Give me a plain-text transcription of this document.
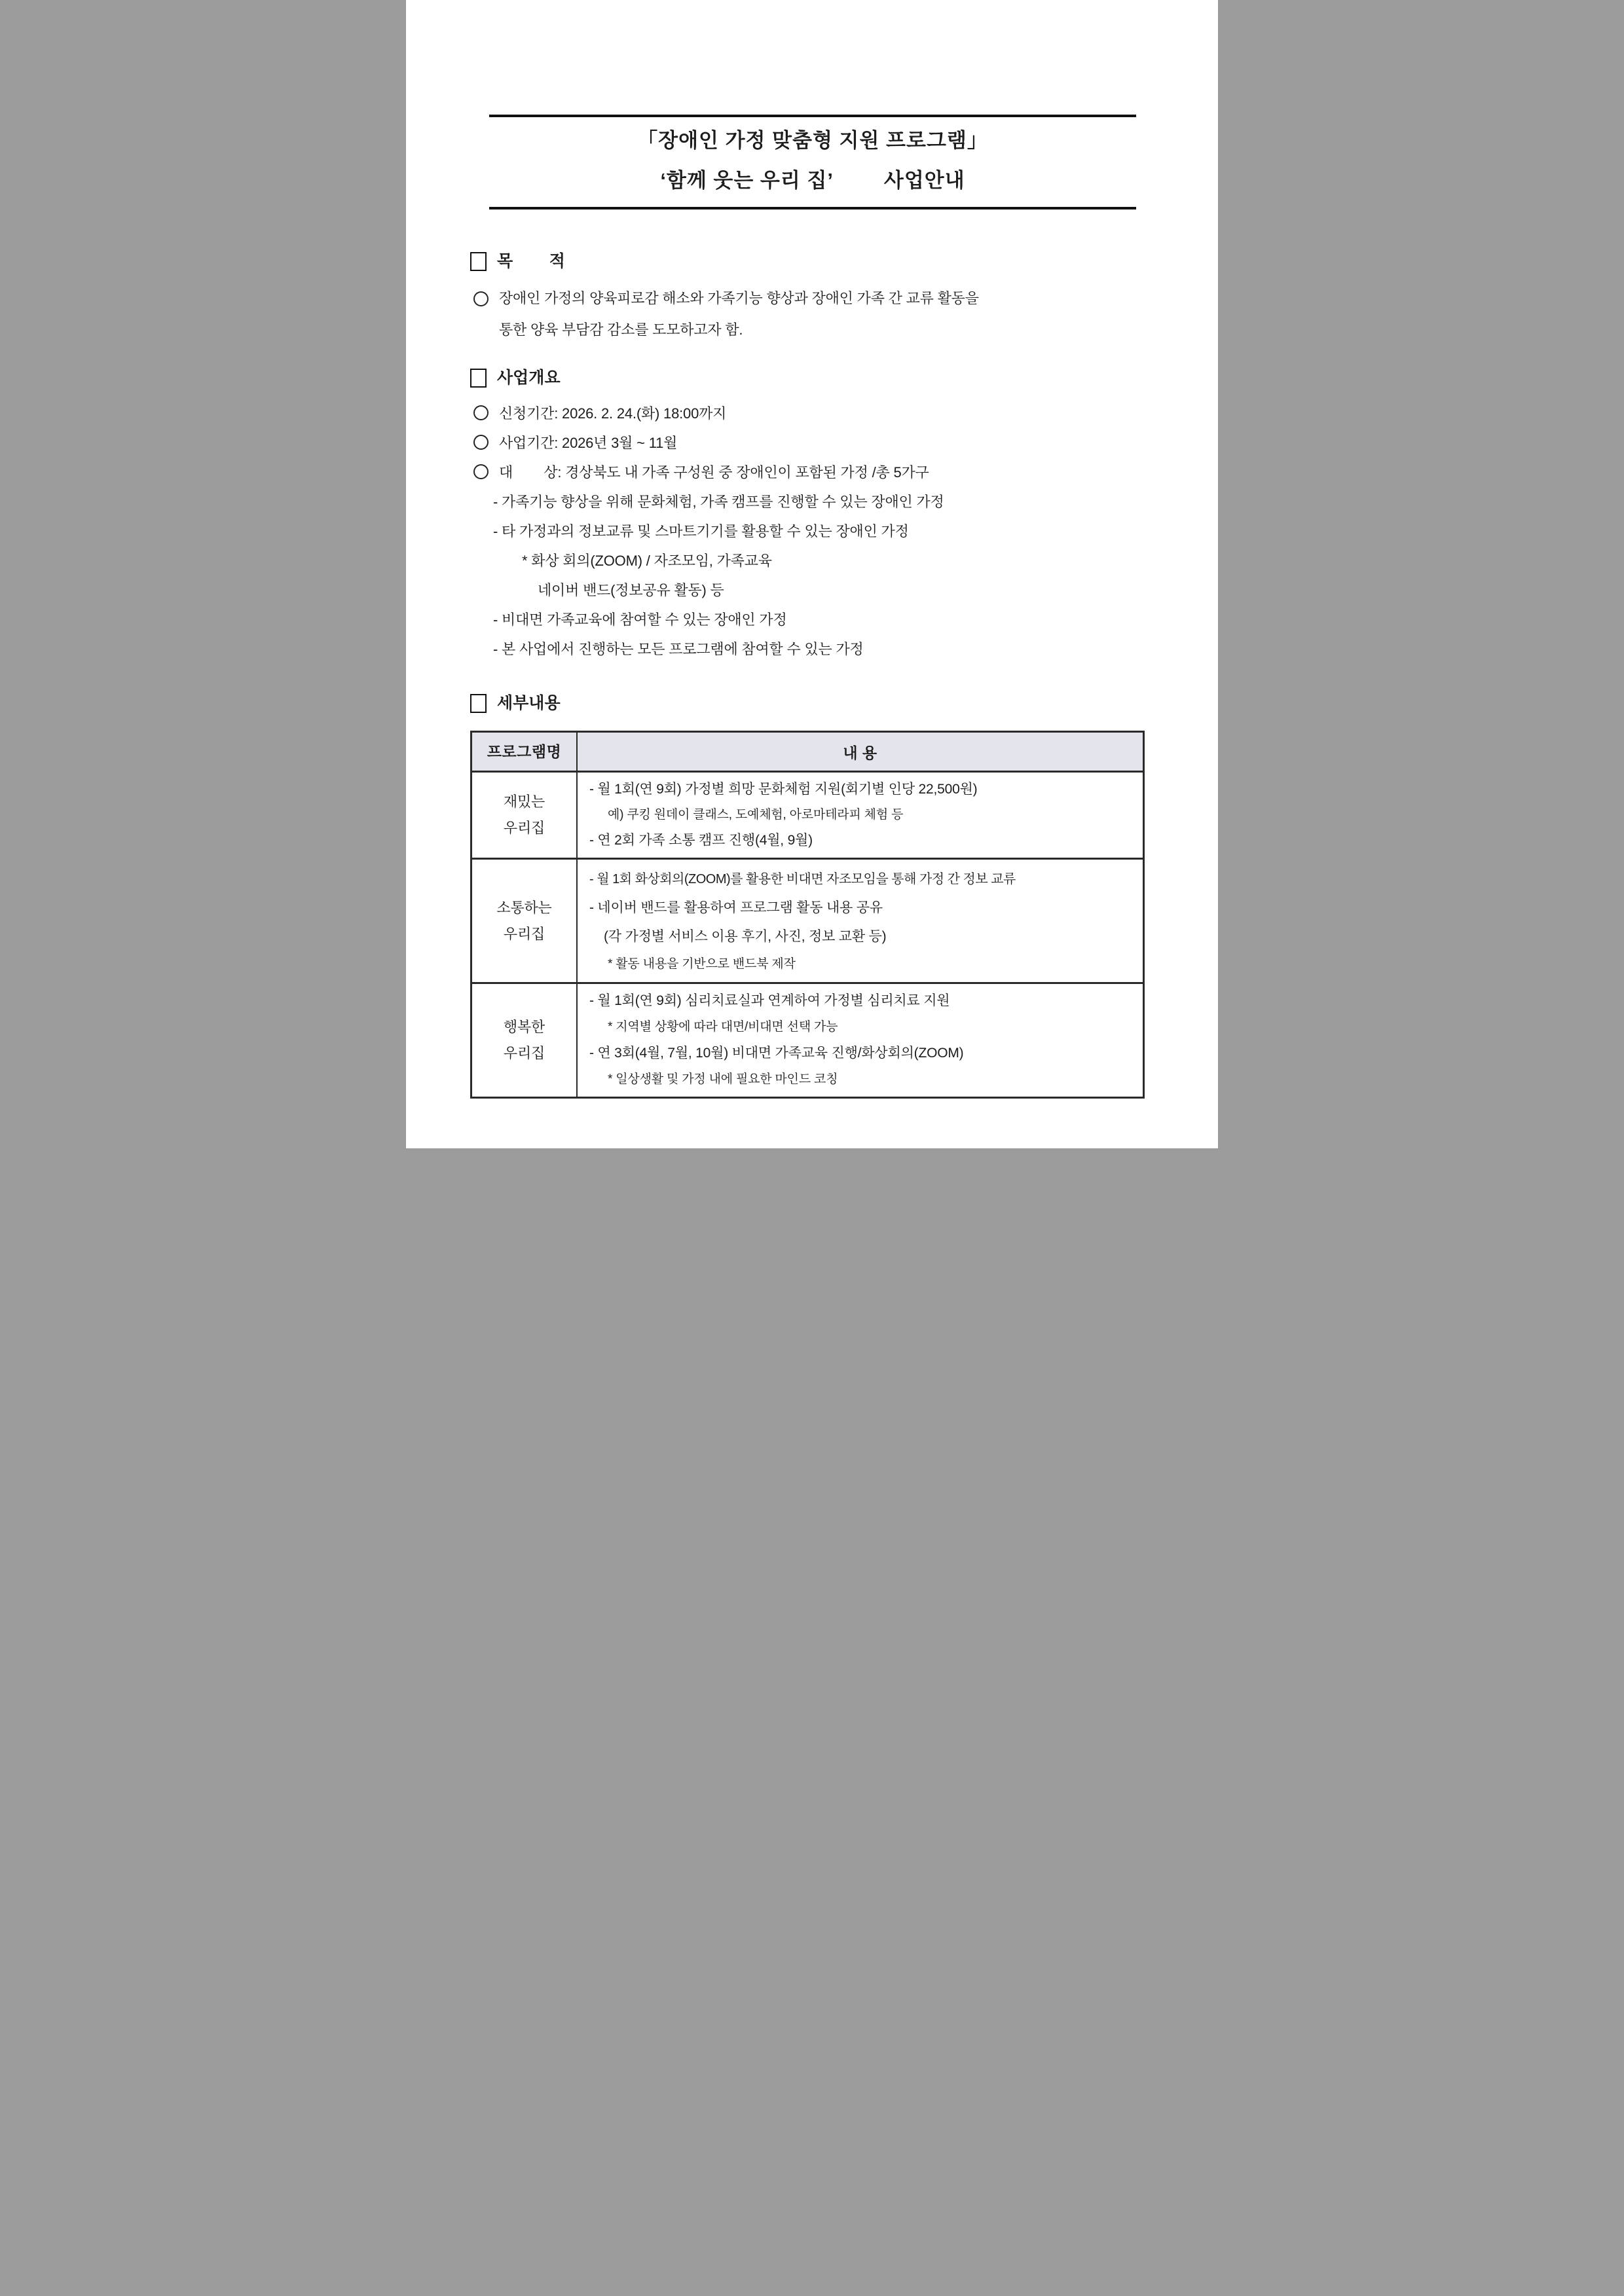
「장애인 가정 맞춤형 지원 프로그램」
‘함께 웃는 우리 집’        사업안내
목        적
장애인 가정의 양육피로감 해소와 가족기능 향상과 장애인 가족 간 교류 활동을
통한 양육 부담감 감소를 도모하고자 함.
사업개요
신청기간: 2026. 2. 24.(화) 18:00까지
사업기간: 2026년 3월 ~ 11월
대        상: 경상북도 내 가족 구성원 중 장애인이 포함된 가정 /총 5가구
- 가족기능 향상을 위해 문화체험, 가족 캠프를 진행할 수 있는 장애인 가정
- 타 가정과의 정보교류 및 스마트기기를 활용할 수 있는 장애인 가정
* 화상 회의(ZOOM) / 자조모임, 가족교육
네이버 밴드(정보공유 활동) 등
- 비대면 가족교육에 참여할 수 있는 장애인 가정
- 본 사업에서 진행하는 모든 프로그램에 참여할 수 있는 가정
세부내용
프로그램명	내 용
재밌는
우리집
- 월 1회(연 9회) 가정별 희망 문화체험 지원(회기별 인당 22,500원)
예) 쿠킹 원데이 클래스, 도예체험, 아로마테라피 체험 등
- 연 2회 가족 소통 캠프 진행(4월, 9월)
소통하는
우리집
- 월 1회 화상회의(ZOOM)를 활용한 비대면 자조모임을 통해 가정 간 정보 교류
- 네이버 밴드를 활용하여 프로그램 활동 내용 공유
(각 가정별 서비스 이용 후기, 사진, 정보 교환 등)
* 활동 내용을 기반으로 밴드북 제작
행복한
우리집
- 월 1회(연 9회) 심리치료실과 연계하여 가정별 심리치료 지원
* 지역별 상황에 따라 대면/비대면 선택 가능
- 연 3회(4월, 7월, 10월) 비대면 가족교육 진행/화상회의(ZOOM)
* 일상생활 및 가정 내에 필요한 마인드 코칭
